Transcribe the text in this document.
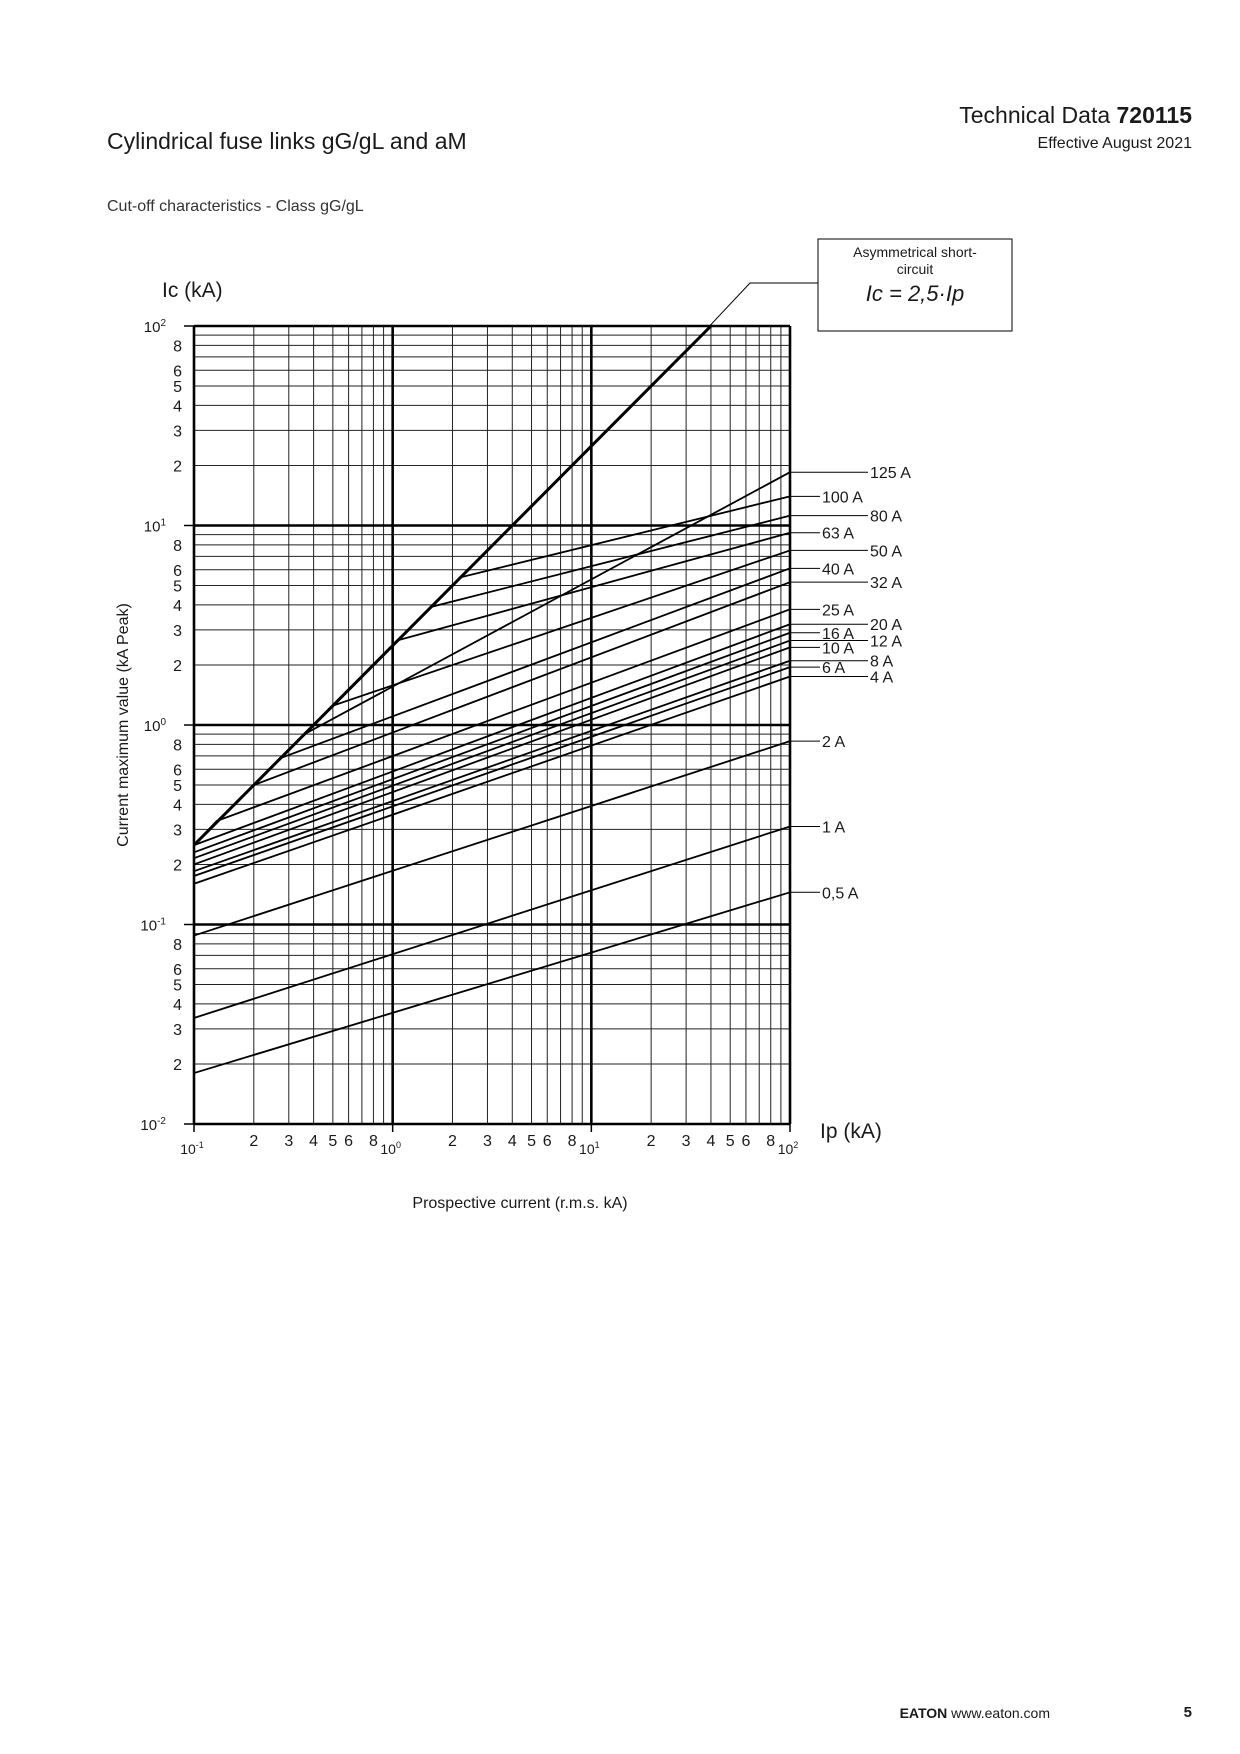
Cylindrical fuse links gG/gL and aM
Technical Data 720115
Effective August 2021
Cut-off characteristics - Class gG/gL
2
3
4
5
6
8
2
3
4
5
6
8
2
3
4
5
6
8
2
3
4
5
6
8
$10^{-2}$
$10^{-1}$
$10^0$
$10^1$
$10^2$
2 3 4 5 6 8	2 3 4 5 6 8	2 3 4 5 6 8
$10^{-1}$	$10^0$	$10^1$	$10^2$
Ic (kA)
Ip (kA)
Prospective current (r.m.s. kA)
Current maximum value (kA Peak)
125 A
100 A
80 A
63 A
50 A
40 A
32 A
25 A
20 A
16 A 12 A
10 A
8 A
6 A
4 A
2 A
1 A
0,5 A
Asymmetrical short-
circuit
Ic = 2,5·Ip
EATON www.eaton.com	5
